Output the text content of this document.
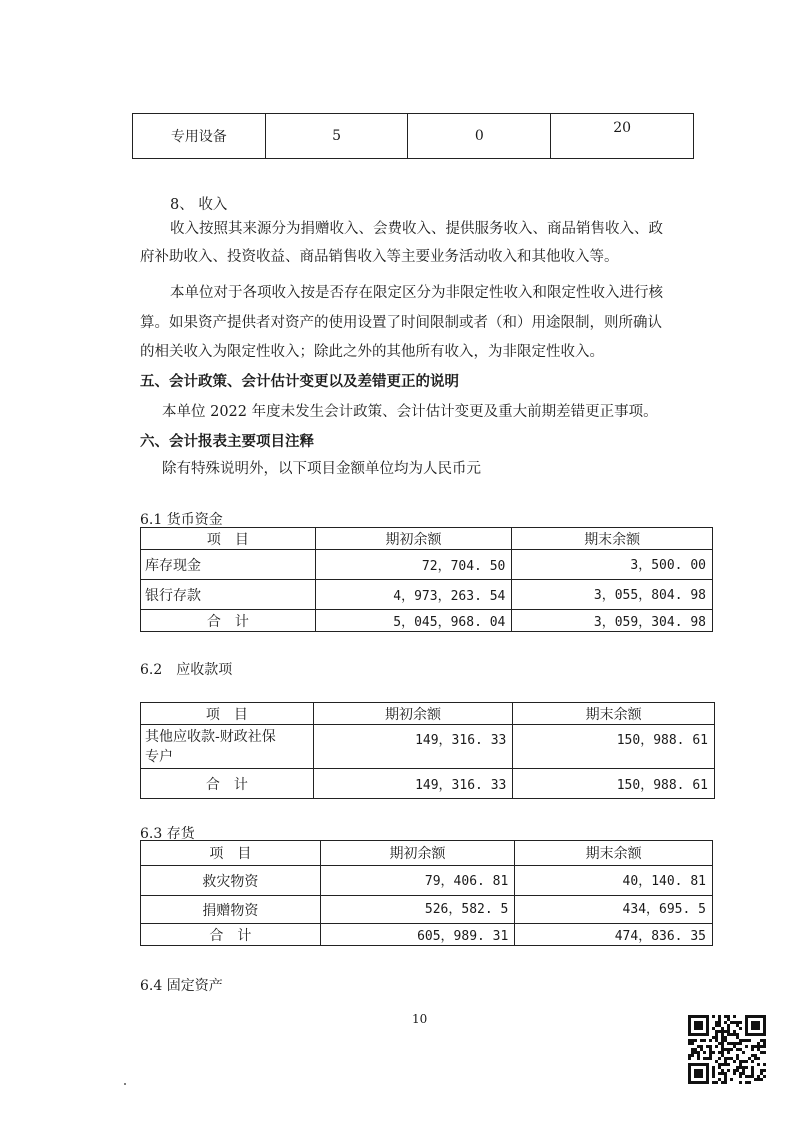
专用设备	5	0	20
8、 收入
收入按照其来源分为捐赠收入、会费收入、提供服务收入、商品销售收入、政
府补助收入、投资收益、商品销售收入等主要业务活动收入和其他收入等。
本单位对于各项收入按是否存在限定区分为非限定性收入和限定性收入进行核
算。如果资产提供者对资产的使用设置了时间限制或者（和）用途限制，则所确认
的相关收入为限定性收入；除此之外的其他所有收入，为非限定性收入。
五、会计政策、会计估计变更以及差错更正的说明
本单位 2022 年度未发生会计政策、会计估计变更及重大前期差错更正事项。
六、会计报表主要项目注释
除有特殊说明外，以下项目金额单位均为人民币元
6.1 货币资金
项　目	期初余额	期末余额
库存现金	72，704. 50	3，500. 00
银行存款	4，973，263. 54	3，055，804. 98
合　计	5，045，968. 04	3，059，304. 98
6.2　应收款项
项　目	期初余额	期末余额
其他应收款-财政社保
专户	149，316. 33	150，988. 61
合　计	149，316. 33	150，988. 61
6.3 存货
项　目	期初余额	期末余额
救灾物资	79，406. 81	40，140. 81
捐赠物资	526，582. 5	434，695. 5
合　计	605，989. 31	474，836. 35
6.4 固定资产
10
